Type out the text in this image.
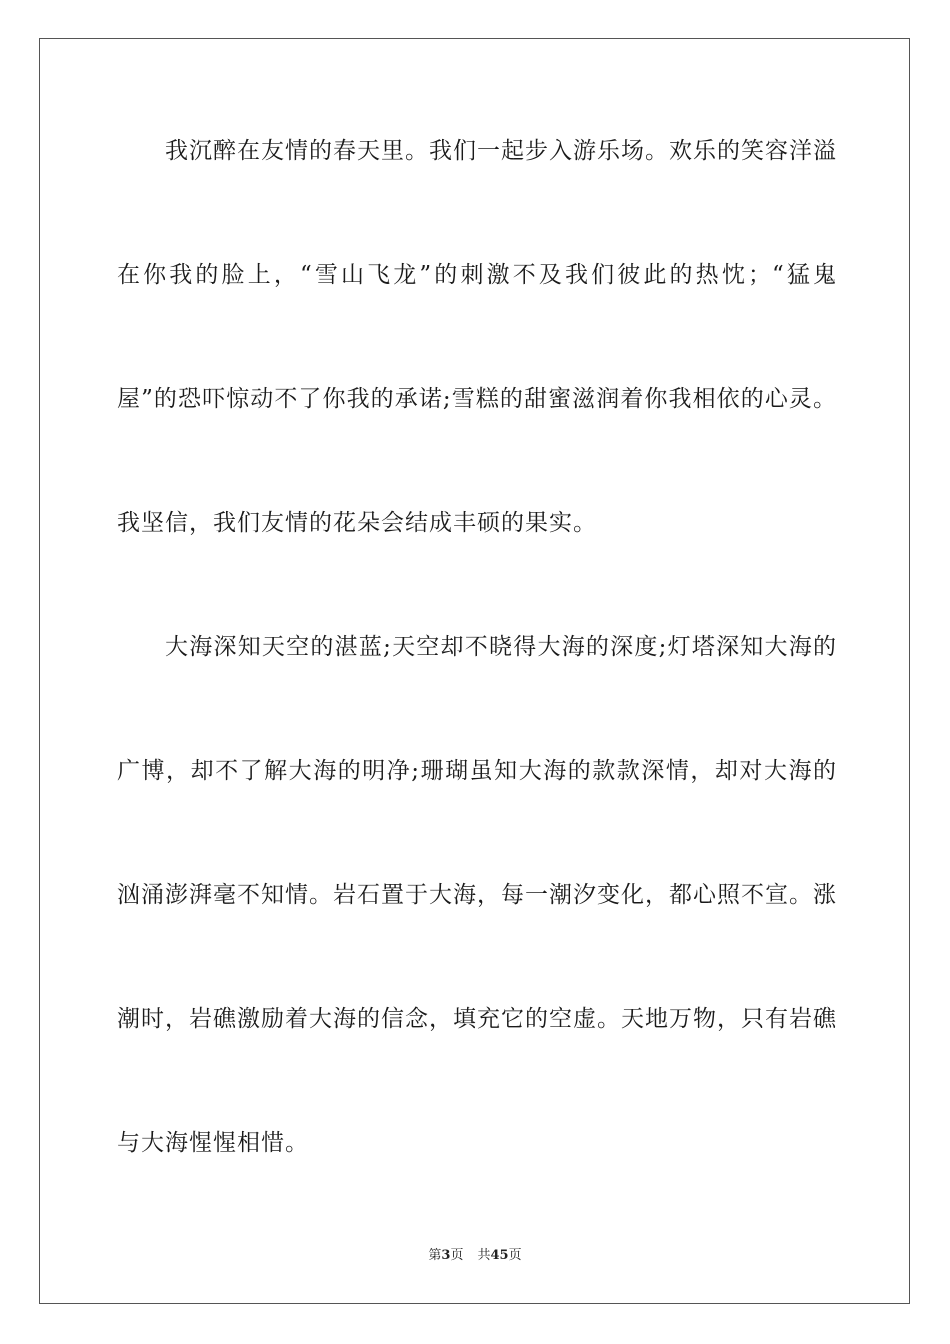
我沉醉在友情的春天里。我们一起步入游乐场。欢乐的笑容洋溢
在你我的脸上，“雪山飞龙”的刺激不及我们彼此的热忱；“猛鬼
屋”的恐吓惊动不了你我的承诺;雪糕的甜蜜滋润着你我相依的心灵。
我坚信，我们友情的花朵会结成丰硕的果实。
大海深知天空的湛蓝;天空却不晓得大海的深度;灯塔深知大海的
广博，却不了解大海的明净;珊瑚虽知大海的款款深情，却对大海的
汹涌澎湃毫不知情。岩石置于大海，每一潮汐变化，都心照不宣。涨
潮时，岩礁激励着大海的信念，填充它的空虚。天地万物，只有岩礁
与大海惺惺相惜。
第3页 共45页
